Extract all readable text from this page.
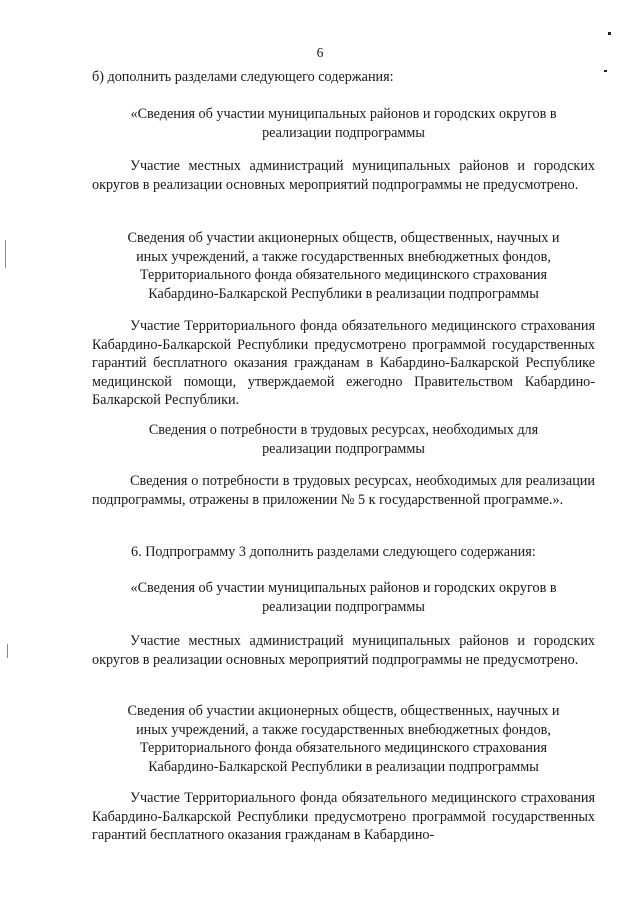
6
б) дополнить разделами следующего содержания:
«Сведения об участии муниципальных районов и городских округов в
реализации подпрограммы
Участие местных администраций муниципальных районов и городских округов в реализации основных мероприятий подпрограммы не предусмотрено.
Сведения об участии акционерных обществ, общественных, научных и
иных учреждений, а также государственных внебюджетных фондов,
Территориального фонда обязательного медицинского страхования
Кабардино-Балкарской Республики в реализации подпрограммы
Участие Территориального фонда обязательного медицинского страхования Кабардино-Балкарской Республики предусмотрено программой государственных гарантий бесплатного оказания гражданам в Кабардино-Балкарской Республике медицинской помощи, утверждаемой ежегодно Правительством Кабардино-Балкарской Республики.
Сведения о потребности в трудовых ресурсах, необходимых для
реализации подпрограммы
Сведения о потребности в трудовых ресурсах, необходимых для реализации подпрограммы, отражены в приложении № 5 к государственной программе.».
6. Подпрограмму 3 дополнить разделами следующего содержания:
«Сведения об участии муниципальных районов и городских округов в
реализации подпрограммы
Участие местных администраций муниципальных районов и городских округов в реализации основных мероприятий подпрограммы не предусмотрено.
Сведения об участии акционерных обществ, общественных, научных и
иных учреждений, а также государственных внебюджетных фондов,
Территориального фонда обязательного медицинского страхования
Кабардино-Балкарской Республики в реализации подпрограммы
Участие Территориального фонда обязательного медицинского страхования Кабардино-Балкарской Республики предусмотрено программой государственных гарантий бесплатного оказания гражданам в Кабардино-
